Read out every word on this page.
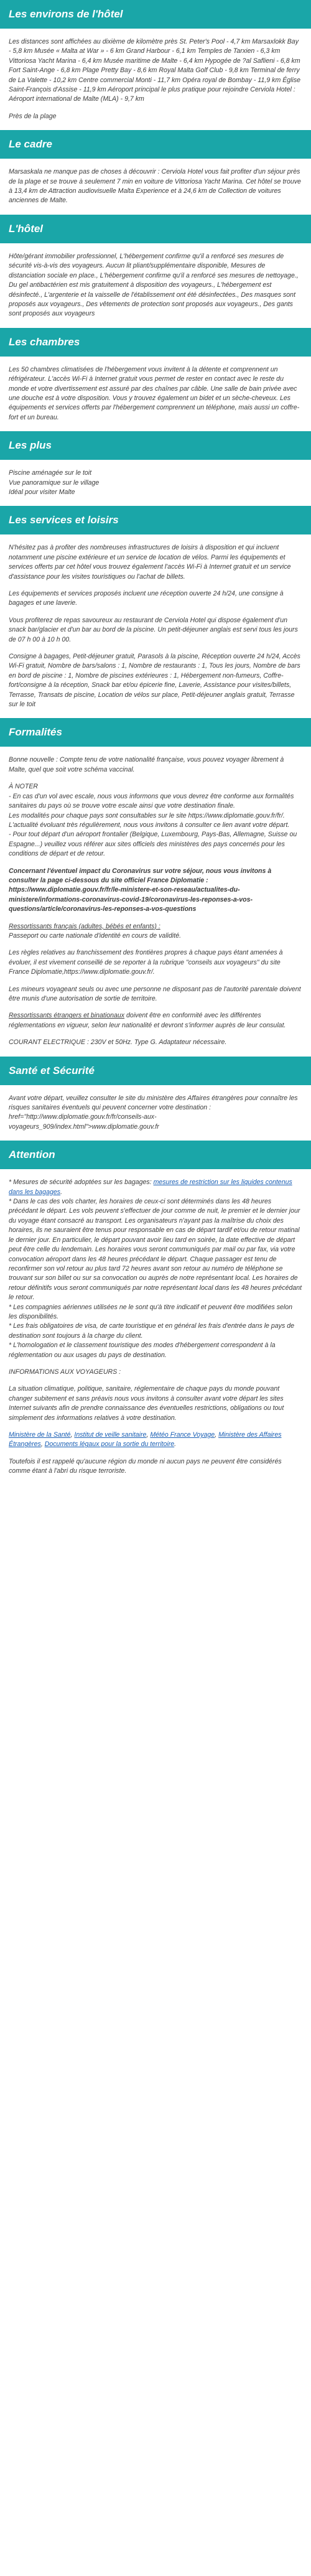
Les environs de l'hôtel

Les distances sont affichées au dixième de kilomètre près St. Peter's Pool - 4,7 km Marsaxlokk Bay - 5,8 km Musée « Malta at War » - 6 km Grand Harbour - 6,1 km Temples de Tarxien - 6,3 km Vittoriosa Yacht Marina - 6,4 km Musée maritime de Malte - 6,4 km Hypogée de ?al Saflieni - 6,8 km Fort Saint-Ange - 6,8 km Plage Pretty Bay - 8,6 km Royal Malta Golf Club - 9,8 km Terminal de ferry de La Valette - 10,2 km Centre commercial Monti - 11,7 km Opéra royal de Bombay - 11,9 km Église Saint-François d'Assise - 11,9 km Aéroport principal le plus pratique pour rejoindre Cerviola Hotel : Aéroport international de Malte (MLA) - 9,7 km

Près de la plage

Le cadre

Marsaskala ne manque pas de choses à découvrir : Cerviola Hotel vous fait profiter d'un séjour près de la plage et se trouve à seulement 7 min en voiture de Vittoriosa Yacht Marina. Cet hôtel se trouve à 13,4 km de Attraction audiovisuelle Malta Experience et à 24,6 km de Collection de voitures anciennes de Malte.

L'hôtel

Hôte/gérant immobilier professionnel, L'hébergement confirme qu'il a renforcé ses mesures de sécurité vis-à-vis des voyageurs. Aucun lit pliant/supplémentaire disponible, Mesures de distanciation sociale en place., L'hébergement confirme qu'il a renforcé ses mesures de nettoyage., Du gel antibactérien est mis gratuitement à disposition des voyageurs., L'hébergement est désinfecté., L'argenterie et la vaisselle de l'établissement ont été désinfectées., Des masques sont proposés aux voyageurs., Des vêtements de protection sont proposés aux voyageurs., Des gants sont proposés aux voyageurs

Les chambres

Les 50 chambres climatisées de l'hébergement vous invitent à la détente et comprennent un réfrigérateur. L'accès Wi-Fi à Internet gratuit vous permet de rester en contact avec le reste du monde et votre divertissement est assuré par des chaînes par câble. Une salle de bain privée avec une douche est à votre disposition. Vous y trouvez également un bidet et un sèche-cheveux. Les équipements et services offerts par l'hébergement comprennent un téléphone, mais aussi un coffre-fort et un bureau.

Les plus

Piscine aménagée sur le toit
Vue panoramique sur le village
Idéal pour visiter Malte

Les services et loisirs

N'hésitez pas à profiter des nombreuses infrastructures de loisirs à disposition et qui incluent notamment une piscine extérieure et un service de location de vélos. Parmi les équipements et services offerts par cet hôtel vous trouvez également l'accès Wi-Fi à Internet gratuit et un service d'assistance pour les visites touristiques ou l'achat de billets.

Les équipements et services proposés incluent une réception ouverte 24 h/24, une consigne à bagages et une laverie.

Vous profiterez de repas savoureux au restaurant de Cerviola Hotel qui dispose également d'un snack bar/glacier et d'un bar au bord de la piscine. Un petit-déjeuner anglais est servi tous les jours de 07 h 00 à 10 h 00.

Consigne à bagages, Petit-déjeuner gratuit, Parasols à la piscine, Réception ouverte 24 h/24, Accès Wi-Fi gratuit, Nombre de bars/salons : 1, Nombre de restaurants : 1, Tous les jours, Nombre de bars en bord de piscine : 1, Nombre de piscines extérieures : 1, Hébergement non-fumeurs, Coffre-fort/consigne à la réception, Snack bar et/ou épicerie fine, Laverie, Assistance pour visites/billets, Terrasse, Transats de piscine, Location de vélos sur place, Petit-déjeuner anglais gratuit, Terrasse sur le toit

Formalités

Bonne nouvelle : Compte tenu de votre nationalité française, vous pouvez voyager librement à Malte, quel que soit votre schéma vaccinal.

À NOTER
- En cas d'un vol avec escale, nous vous informons que vous devrez être conforme aux formalités sanitaires du pays où se trouve votre escale ainsi que votre destination finale.
Les modalités pour chaque pays sont consultables sur le site https://www.diplomatie.gouv.fr/fr/. L'actualité évoluant très régulièrement, nous vous invitons à consulter ce lien avant votre départ.
- Pour tout départ d'un aéroport frontalier (Belgique, Luxembourg, Pays-Bas, Allemagne, Suisse ou Espagne...) veuillez vous référer aux sites officiels des ministères des pays concernés pour les conditions de départ et de retour.

Concernant l'éventuel impact du Coronavirus sur votre séjour, nous vous invitons à consulter la page ci-dessous du site officiel France Diplomatie : https://www.diplomatie.gouv.fr/fr/le-ministere-et-son-reseau/actualites-du-ministere/informations-coronavirus-covid-19/coronavirus-les-reponses-a-vos-questions/article/coronavirus-les-reponses-a-vos-questions

Ressortissants français (adultes, bébés et enfants) :
Passeport ou carte nationale d'identité en cours de validité.

Les règles relatives au franchissement des frontières propres à chaque pays étant amenées à évoluer, il est vivement conseillé de se reporter à la rubrique "conseils aux voyageurs" du site France Diplomatie,https://www.diplomatie.gouv.fr/.

Les mineurs voyageant seuls ou avec une personne ne disposant pas de l'autorité parentale doivent être munis d'une autorisation de sortie de territoire.

Ressortissants étrangers et binationaux doivent être en conformité avec les différentes réglementations en vigueur, selon leur nationalité et devront s'informer auprès de leur consulat.

COURANT ELECTRIQUE : 230V et 50Hz. Type G. Adaptateur nécessaire.

Santé et Sécurité

Avant votre départ, veuillez consulter le site du ministère des Affaires étrangères pour connaître les risques sanitaires éventuels qui peuvent concerner votre destination : href="http://www.diplomatie.gouv.fr/fr/conseils-aux-voyageurs_909/index.html">www.diplomatie.gouv.fr

Attention

* Mesures de sécurité adoptées sur les bagages: mesures de restriction sur les liquides contenus dans les bagages.

* Dans le cas des vols charter, les horaires de ceux-ci sont déterminés dans les 48 heures précédant le départ. Les vols peuvent s'effectuer de jour comme de nuit, le premier et le dernier jour du voyage étant consacré au transport. Les organisateurs n'ayant pas la maîtrise du choix des horaires, ils ne sauraient être tenus pour responsable en cas de départ tardif et/ou de retour matinal le dernier jour. En particulier, le départ pouvant avoir lieu tard en soirée, la date effective de départ peut être celle du lendemain. Les horaires vous seront communiqués par mail ou par fax, via votre convocation aéroport dans les 48 heures précédant le départ. Chaque passager est tenu de reconfirmer son vol retour au plus tard 72 heures avant son retour au numéro de téléphone se trouvant sur son billet ou sur sa convocation ou auprès de notre représentant local. Les horaires de retour définitifs vous seront communiqués par notre représentant local dans les 48 heures précédant le retour.

* Les compagnies aériennes utilisées ne le sont qu'à titre indicatif et peuvent être modifiées selon les disponibilités.

* Les frais obligatoires de visa, de carte touristique et en général les frais d'entrée dans le pays de destination sont toujours à la charge du client.

* L'homologation et le classement touristique des modes d'hébergement correspondent à la réglementation ou aux usages du pays de destination.

INFORMATIONS AUX VOYAGEURS :

La situation climatique, politique, sanitaire, réglementaire de chaque pays du monde pouvant changer subitement et sans préavis nous vous invitons à consulter avant votre départ les sites Internet suivants afin de prendre connaissance des éventuelles restrictions, obligations ou tout simplement des informations relatives à votre destination.

Ministère de la Santé, Institut de veille sanitaire, Météo France Voyage, Ministère des Affaires Étrangères, Documents légaux pour la sortie du territoire.

Toutefois il est rappelé qu'aucune région du monde ni aucun pays ne peuvent être considérés comme étant à l'abri du risque terroriste.
